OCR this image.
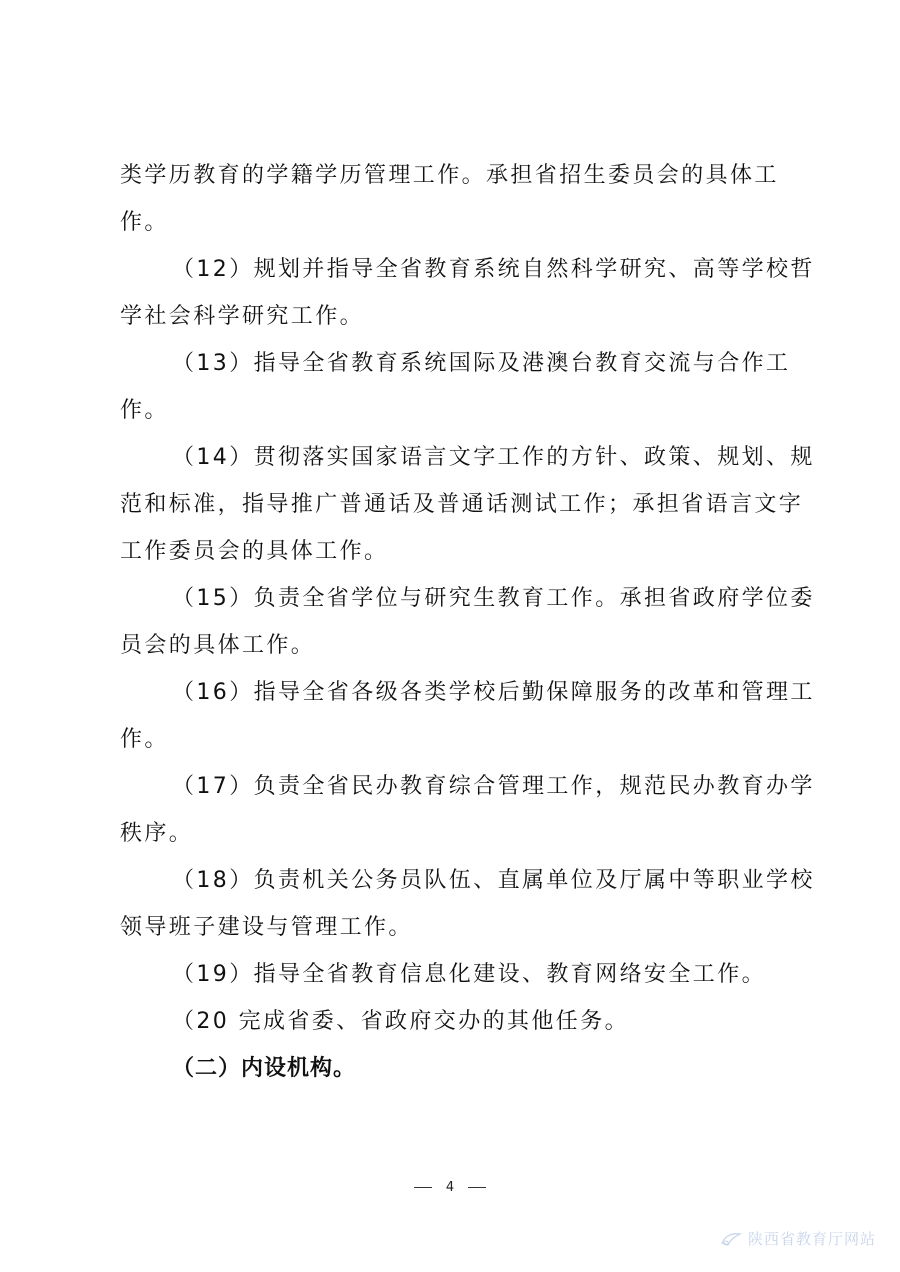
类学历教育的学籍学历管理工作。承担省招生委员会的具体工
作。
（12）规划并指导全省教育系统自然科学研究、高等学校哲
学社会科学研究工作。
（13）指导全省教育系统国际及港澳台教育交流与合作工
作。
（14）贯彻落实国家语言文字工作的方针、政策、规划、规
范和标准，指导推广普通话及普通话测试工作；承担省语言文字
工作委员会的具体工作。
（15）负责全省学位与研究生教育工作。承担省政府学位委
员会的具体工作。
（16）指导全省各级各类学校后勤保障服务的改革和管理工
作。
（17）负责全省民办教育综合管理工作，规范民办教育办学
秩序。
（18）负责机关公务员队伍、直属单位及厅属中等职业学校
领导班子建设与管理工作。
（19）指导全省教育信息化建设、教育网络安全工作。
（20 完成省委、省政府交办的其他任务。
（二）内设机构。
4
陕西省教育厅网站
